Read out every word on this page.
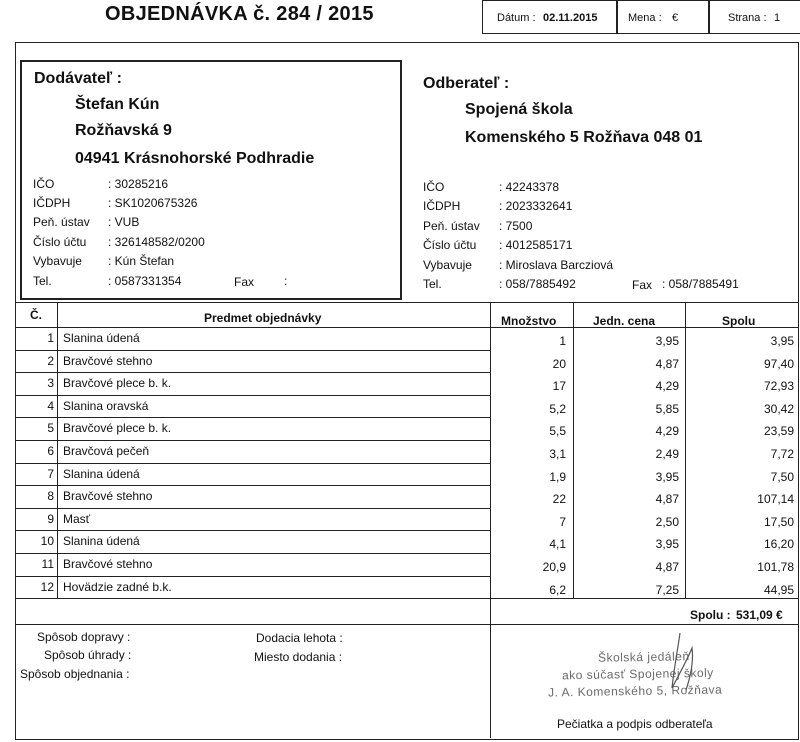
OBJEDNÁVKA č. 284 / 2015	Dátum : 02.11.2015	Mena : €	Strana : 1
Dodávateľ :
Štefan Kún
Rožňavská 9
04941 Krásnohorské Podhradie
IČO	: 30285216
IČDPH	: SK1020675326
Peň. ústav : VUB
Číslo účtu : 326148582/0200
Vybavuje : Kún Štefan
Tel.	: 0587331354	Fax :
Odberateľ :
Spojená škola
Komenského 5 Rožňava 048 01
IČO	: 42243378
IČDPH	: 2023332641
Peň. ústav : 7500
Číslo účtu : 4012585171
Vybavuje : Miroslava Barcziová
Tel.	: 058/7885492	Fax : 058/7885491
Č.	Predmet objednávky	Množstvo	Jedn. cena	Spolu
1 Slanina údená	1	3,95	3,95
2 Bravčové stehno	20	4,87	97,40
3 Bravčové plece b. k.	17	4,29	72,93
4 Slanina oravská	5,2	5,85	30,42
5 Bravčové plece b. k.	5,5	4,29	23,59
6 Bravčová pečeň	3,1	2,49	7,72
7 Slanina údená	1,9	3,95	7,50
8 Bravčové stehno	22	4,87	107,14
9 Masť	7	2,50	17,50
10 Slanina údená	4,1	3,95	16,20
11 Bravčové stehno	20,9	4,87	101,78
12 Hovädzie zadné b.k.	6,2	7,25	44,95
Spolu : 531,09 €
Spôsob dopravy :
Spôsob úhrady :
Spôsob objednania :
Dodacia lehota :
Miesto dodania :	Školská jedáleň
ako súčasť Spojenej školy
J. A. Komenského 5, Rožňava
Pečiatka a podpis odberateľa
